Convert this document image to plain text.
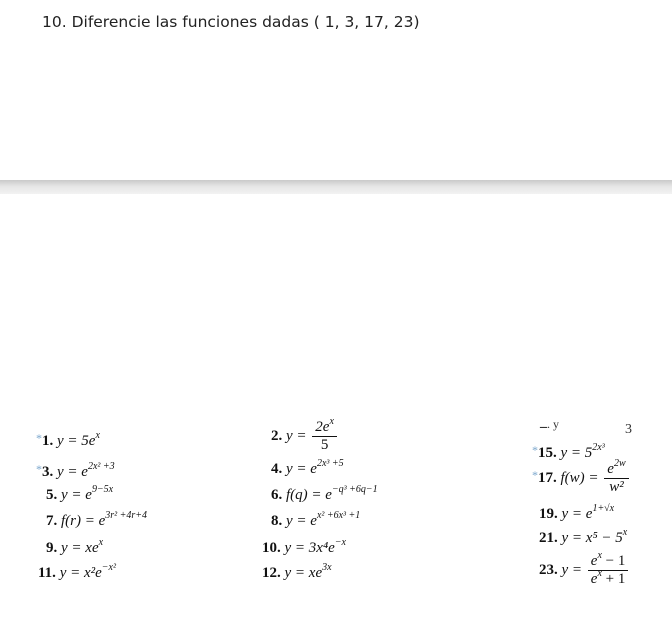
10. Diferencie las funciones dadas ( 1, 3, 17, 23)
ــ. y	3
*1. $y = 5e^x$
*3. $y = e^{2x^2 +3}$
5. $y = e^{9-5x}$
7. $f(r) = e^{3r^2 +4r+4}$
9. $y = xe^x$
11. $y = x^2e^{-x^2}$
2. $y = \frac{2e^x}{5}$
4. $y = e^{2x^3 +5}$
6. $f(q) = e^{-q^3 +6q-1}$
8. $y = e^{x^2 +6x^3 +1}$
10. $y = 3x^4e^{-x}$
12. $y = xe^{3x}$
*15. $y = 5^{2x^3}$
*17. $f(w) = \frac{e^{2w}}{\text{w²}}$
19. $y = e^{1+√x}$
21. $y = x^5 - 5^x$
23. $y = \frac{e^x - 1}{e^x + 1}$
